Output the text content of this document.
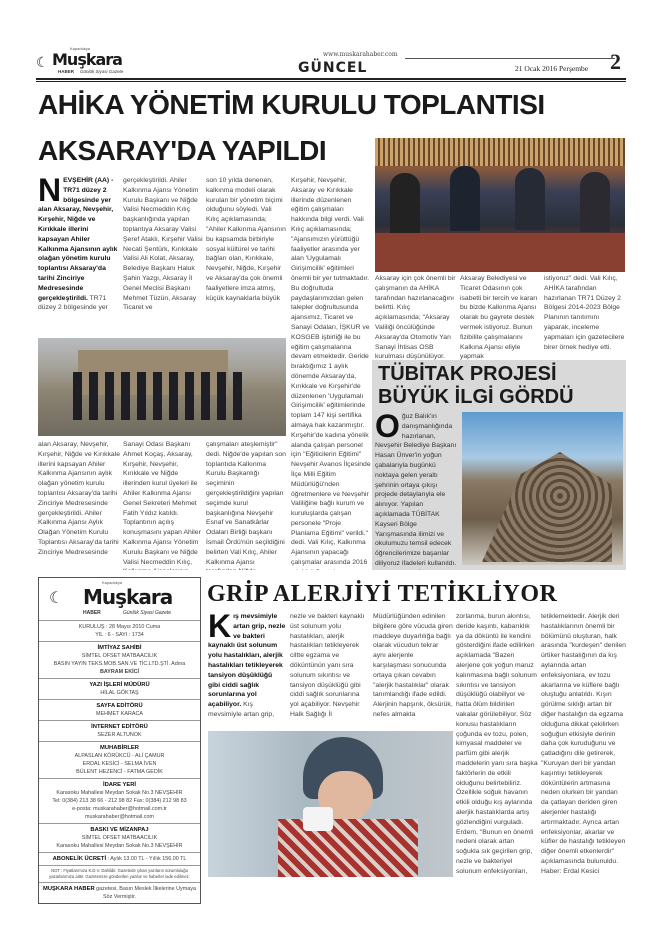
☾
Kapadokya
Muşkara
HABER Günlük Siyasi Gazete	GÜNCEL
www.muskarahaber.com
21 Ocak 2016 Perşembe 2
AHİKA YÖNETİM KURULU TOPLANTISI
AKSARAY'DA YAPILDI
NEVŞEHİR (AA) - TR71 düzey 2 bölgesinde yer alan Aksaray, Nevşehir, Kırşehir, Niğde ve Kırıkkale illerini kapsayan Ahiler Kalkınma Ajansının aylık olağan yönetim kurulu toplantısı Aksaray'da tarihi Zinciriye Medresesinde gerçekleştirildi. TR71 düzey 2 bölgesinde yer
gerçekleştirildi. Ahiler Kalkınma Ajansı Yönetim Kurulu Başkanı ve Niğde Valisi Necmeddin Kılıç başkanlığında yapılan toplantıya Aksaray Valisi Şeref Ataklı, Kırşehir Valisi Necati Şentürk, Kırıkkale Valisi Ali Kolat, Aksaray, Belediye Başkanı Haluk Şahin Yazgı, Aksaray İl Genel Meclisi Başkanı Mehmet Tüzün, Aksaray Ticaret ve
son 10 yılda denenen, kalkınma modeli olarak kurulan bir yönetim biçimi olduğunu söyledi. Vali Kılıç açıklamasında; "Ahiler Kalkınma Ajansının bu kapsamda birbiriyle sosyal kültürel ve tarihi bağları olan, Kırıkkale, Nevşehir, Niğde, Kırşehir ve Aksaray'da çok önemli faaliyetlere imza atmış, küçük kaynaklarla büyük
Kırşehir, Nevşehir, Aksaray ve Kırıkkale illerinde düzenlenen eğitim çalışmaları hakkında bilgi verdi. Vali Kılıç açıklamasında; "Ajansımızın yürüttüğü faaliyetler arasında yer alan 'Uygulamalı Girişimcilik' eğitimleri önemli bir yer tutmaktadır. Bu doğrultuda paydaşlarımızdan gelen talepler doğrultusunda ajansımız, Ticaret ve Sanayi Odaları, İŞKUR ve KOSGEB işbirliği ile bu eğitim çalışmalarına devam etmektedir. Geride bıraktığımız 1 aylık dönemde Aksaray'da, Kırıkkale ve Kırşehir'de düzenlenen 'Uygulamalı Girişimcilik' eğitimlerinde toplam 147 kişi sertifika almaya hak kazanmıştır. Kırşehir'de kadına yönelik alanda çalışan personel için "Eğiticilerin Eğitimi" Nevşehir Avanos İlçesinde İlçe Milli Eğitim Müdürlüğü'nden öğretmenlere ve Nevşehir Valiliğine bağlı kurum ve kuruluşlarda çalışan personele "Proje Planlama Eğitimi" verildi." dedi. Vali Kılıç, Kalkınma Ajansının yapacağı çalışmalar arasında 2016
alan Aksaray, Nevşehir, Kırşehir, Niğde ve Kırıkkale illerini kapsayan Ahiler Kalkınma Ajansının aylık olağan yönetim kurulu toplantısı Aksaray'da tarihi Zinciriye Medresesinde gerçekleştirildi. Ahiler Kalkınma Ajansı Aylık Olağan Yönetim Kurulu Toplantısı Aksaray'da tarihi Zinciriye Medresesinde
Sanayi Odası Başkanı Ahmet Koçaş, Aksaray, Kırşehir, Nevşehir, Kırıkkale ve Niğde illerinden kurul üyeleri ile Ahiler Kalkınma Ajansı Genel Sekreteri Mehmet Fatih Yıldız katıldı. Toplantının açılış konuşmasını yapan Ahiler Kalkınma Ajansı Yönetim Kurulu Başkanı ve Niğde Valisi Necmeddin Kılıç,
çalışmaları ateşlemiştir" dedi. Niğde'de yapılan son toplantıda Kalkınma Kurulu Başkanlığı seçiminin gerçekleştirildiğini yapılan seçimde kurul başkanlığına Nevşehir Esnaf ve Sanatkârlar Odaları Birliği başkanı İsmail Ördü'nün seçildiğini belirten Vali Kılıç, Ahiler Kalkınma Ajansı
Aksaray için çok önemli bir çalışmanın da AHİKA tarafından hazırlanacağını belirtti. Kılıç açıklamasında; "Aksaray Valiliği öncülüğünde Aksaray'da Otomotiv Yan Sanayi İhtisas OSB kurulması düşünülüyor.
Aksaray Belediyesi ve Ticaret Odasının çok isabetli bir tercih ve kararı bu bizde Kalkınma Ajansı olarak bu gayrete destek vermek istiyoruz. Bunun fizibilite çalışmalarını Kalkına Ajansı eliyle yapmak
istiyoruz" dedi. Vali Kılıç, AHİKA tarafından hazırlanan TR71 Düzey 2 Bölgesi 2014-2023 Bölge Planının tanıtımını yaparak, inceleme yapmaları için gazetecilere birer örnek hediye etti.
TÜBİTAK PROJESİ
BÜYÜK İLGİ GÖRDÜ
Oğuz Balık'ın danışmanlığında hazırlanan, Nevşehir Belediye Başkanı Hasan Ünver'in yoğun çabalarıyla bugünkü noktaya gelen yeraltı şehrinin ortaya çıkışı projede detaylarıyla ele alınıyor. Yapılan açıklamada TÜBİTAK Kayseri Bölge Yarışmasında ilimizi ve okulumuzu temsil edecek öğrencilerimize başarılar diliyoruz ifadeleri kullanıldı.
☾
Kapadokya
Muşkara
HABER	Günlük Siyasi Gazete
KURULUŞ : 28 Mayıs 2010 Cuma
YIL : 6 - SAYI : 1734
İMTİYAZ SAHİBİ
SİMTEL OFSET MATBAACILIK
BASIN YAYIN TEKS.MOB.SAN.VE TİC.LTD.ŞTİ. Adına
BAYRAM EKİCİ
YAZI İŞLERİ MÜDÜRÜ
HİLAL GÖKTAŞ
SAYFA EDİTÖRÜ
MEHMET KARACA
İNTERNET EDİTÖRÜ
SEZER ALTUNOK
MUHABİRLER
ALPASLAN KÖRÜKCÜ - ALİ ÇAMUR
ERDAL KESİCİ - SELMA İVEN
BÜLENT HEZENCİ - FATMA GEDİK
İDARE YERİ
Karasoku Mahallesi Meydan Sokak No.3 NEVŞEHİR
Tel: 0(384) 213 38 66 - 212 98 82 Fax: 0(384) 212 98 83
e-posta: muskarahaber@hotmail.com.tr
muskarahaber@hotmail.com
BASKI VE MİZANPAJ
SİMTEL OFSET MATBAACILIK
Karasoku Mahallesi Meydan Sokak No.3 NEVŞEHİR
ABONELİK ÜCRETİ : Aylık 13.00 TL - Yıllık 156.00 TL
NOT : Fiyatlarımıza K.D.V. Dahildir. Gazetede çıkan yazıların sorumluluğu yazarlarımıza aittir. Gazetemize gönderilen yazılar ve haberler iade edilmez.
MUŞKARA HABER gazetesi, Basın Meslek İlkelerine Uymaya Söz Vermiştir.
GRİP ALERJİYİ TETİKLİYOR
Kış mevsimiyle artan grip, nezle ve bakteri kaynaklı üst solunum yolu hastalıkları, alerjik hastalıkları tetikleyerek tansiyon düşüklüğü gibi ciddi sağlık sorunlarına yol açabiliyor. Kış mevsimiyle artan grip,
nezle ve bakteri kaynaklı üst solunum yolu hastalıkları, alerjik hastalıkları tetikleyerek ciltte egzama ve döküntünün yanı sıra solunum sıkıntısı ve tansiyon düşüklüğü gibi ciddi sağlık sorunlarına yol açabiliyor. Nevşehir Halk Sağlığı İl
Müdürlüğünden edinilen bilgilere göre vücuda giren maddeye duyarlılığa bağlı olarak vücudun tekrar aynı alerjenle karşılaşması sonucunda ortaya çıkan cevabın "alerjik hastalıklar" olarak tanımlandığı ifade edildi. Alerjinin hapşırık, öksürük, nefes almakta
zorlanma, burun akıntısı, deride kaşıntı, kabarıklık ya da döküntü ile kendini gösterdiğini ifade edilirken açıklamada "Bazen alerjene çok yoğun maruz kalınmasına bağlı solunum sıkıntısı ve tansiyon düşüklüğü olabiliyor ve hatta ölüm bildirilen vakalar görülebiliyor. Söz konusu hastalıkların çoğunda ev tozu, polen, kimyasal maddeler ve parfüm gibi alerjik maddelerin yanı sıra başka faktörlerin de etkili olduğunu belirtebiliriz. Özellikle soğuk havanın etkili olduğu kış aylarında alerjik hastalıklarda artış gözlendiğini vurguladı. Erdem, "Bunun en önemli nedeni olarak artan soğukla sık geçirilen grip, nezle ve bakteriyel solunum enfeksiyonları,
tetiklemektedir. Alerjik deri hastalıklarının önemli bir bölümünü oluşturan, halk arasında "kurdeşen" denilen ürtiker hastalığının da kış aylarında artan enfeksiyonlara, ev tozu akarlarına ve küflere bağlı oluştuğu anlatıldı. Kışın görülme sıklığı artan bir diğer hastalığın da egzama olduğuna dikkat çekilirken soğuğun etkisiyle derinin daha çok kuruduğunu ve çatladığını dile getirerek, "Kuruyan deri bir yandan kaşıntıyı tetikleyerek döküntülerin artmasına neden olurken bir yandan da çatlayan deriden giren alerjenler hastalığı artırmaktadır. Ayrıca artan enfeksiyonlar, akarlar ve küfler de hastalığı tetikleyen diğer önemli etkenlerdir" açıklamasında bulunuldu. Haber: Erdal Kesici
